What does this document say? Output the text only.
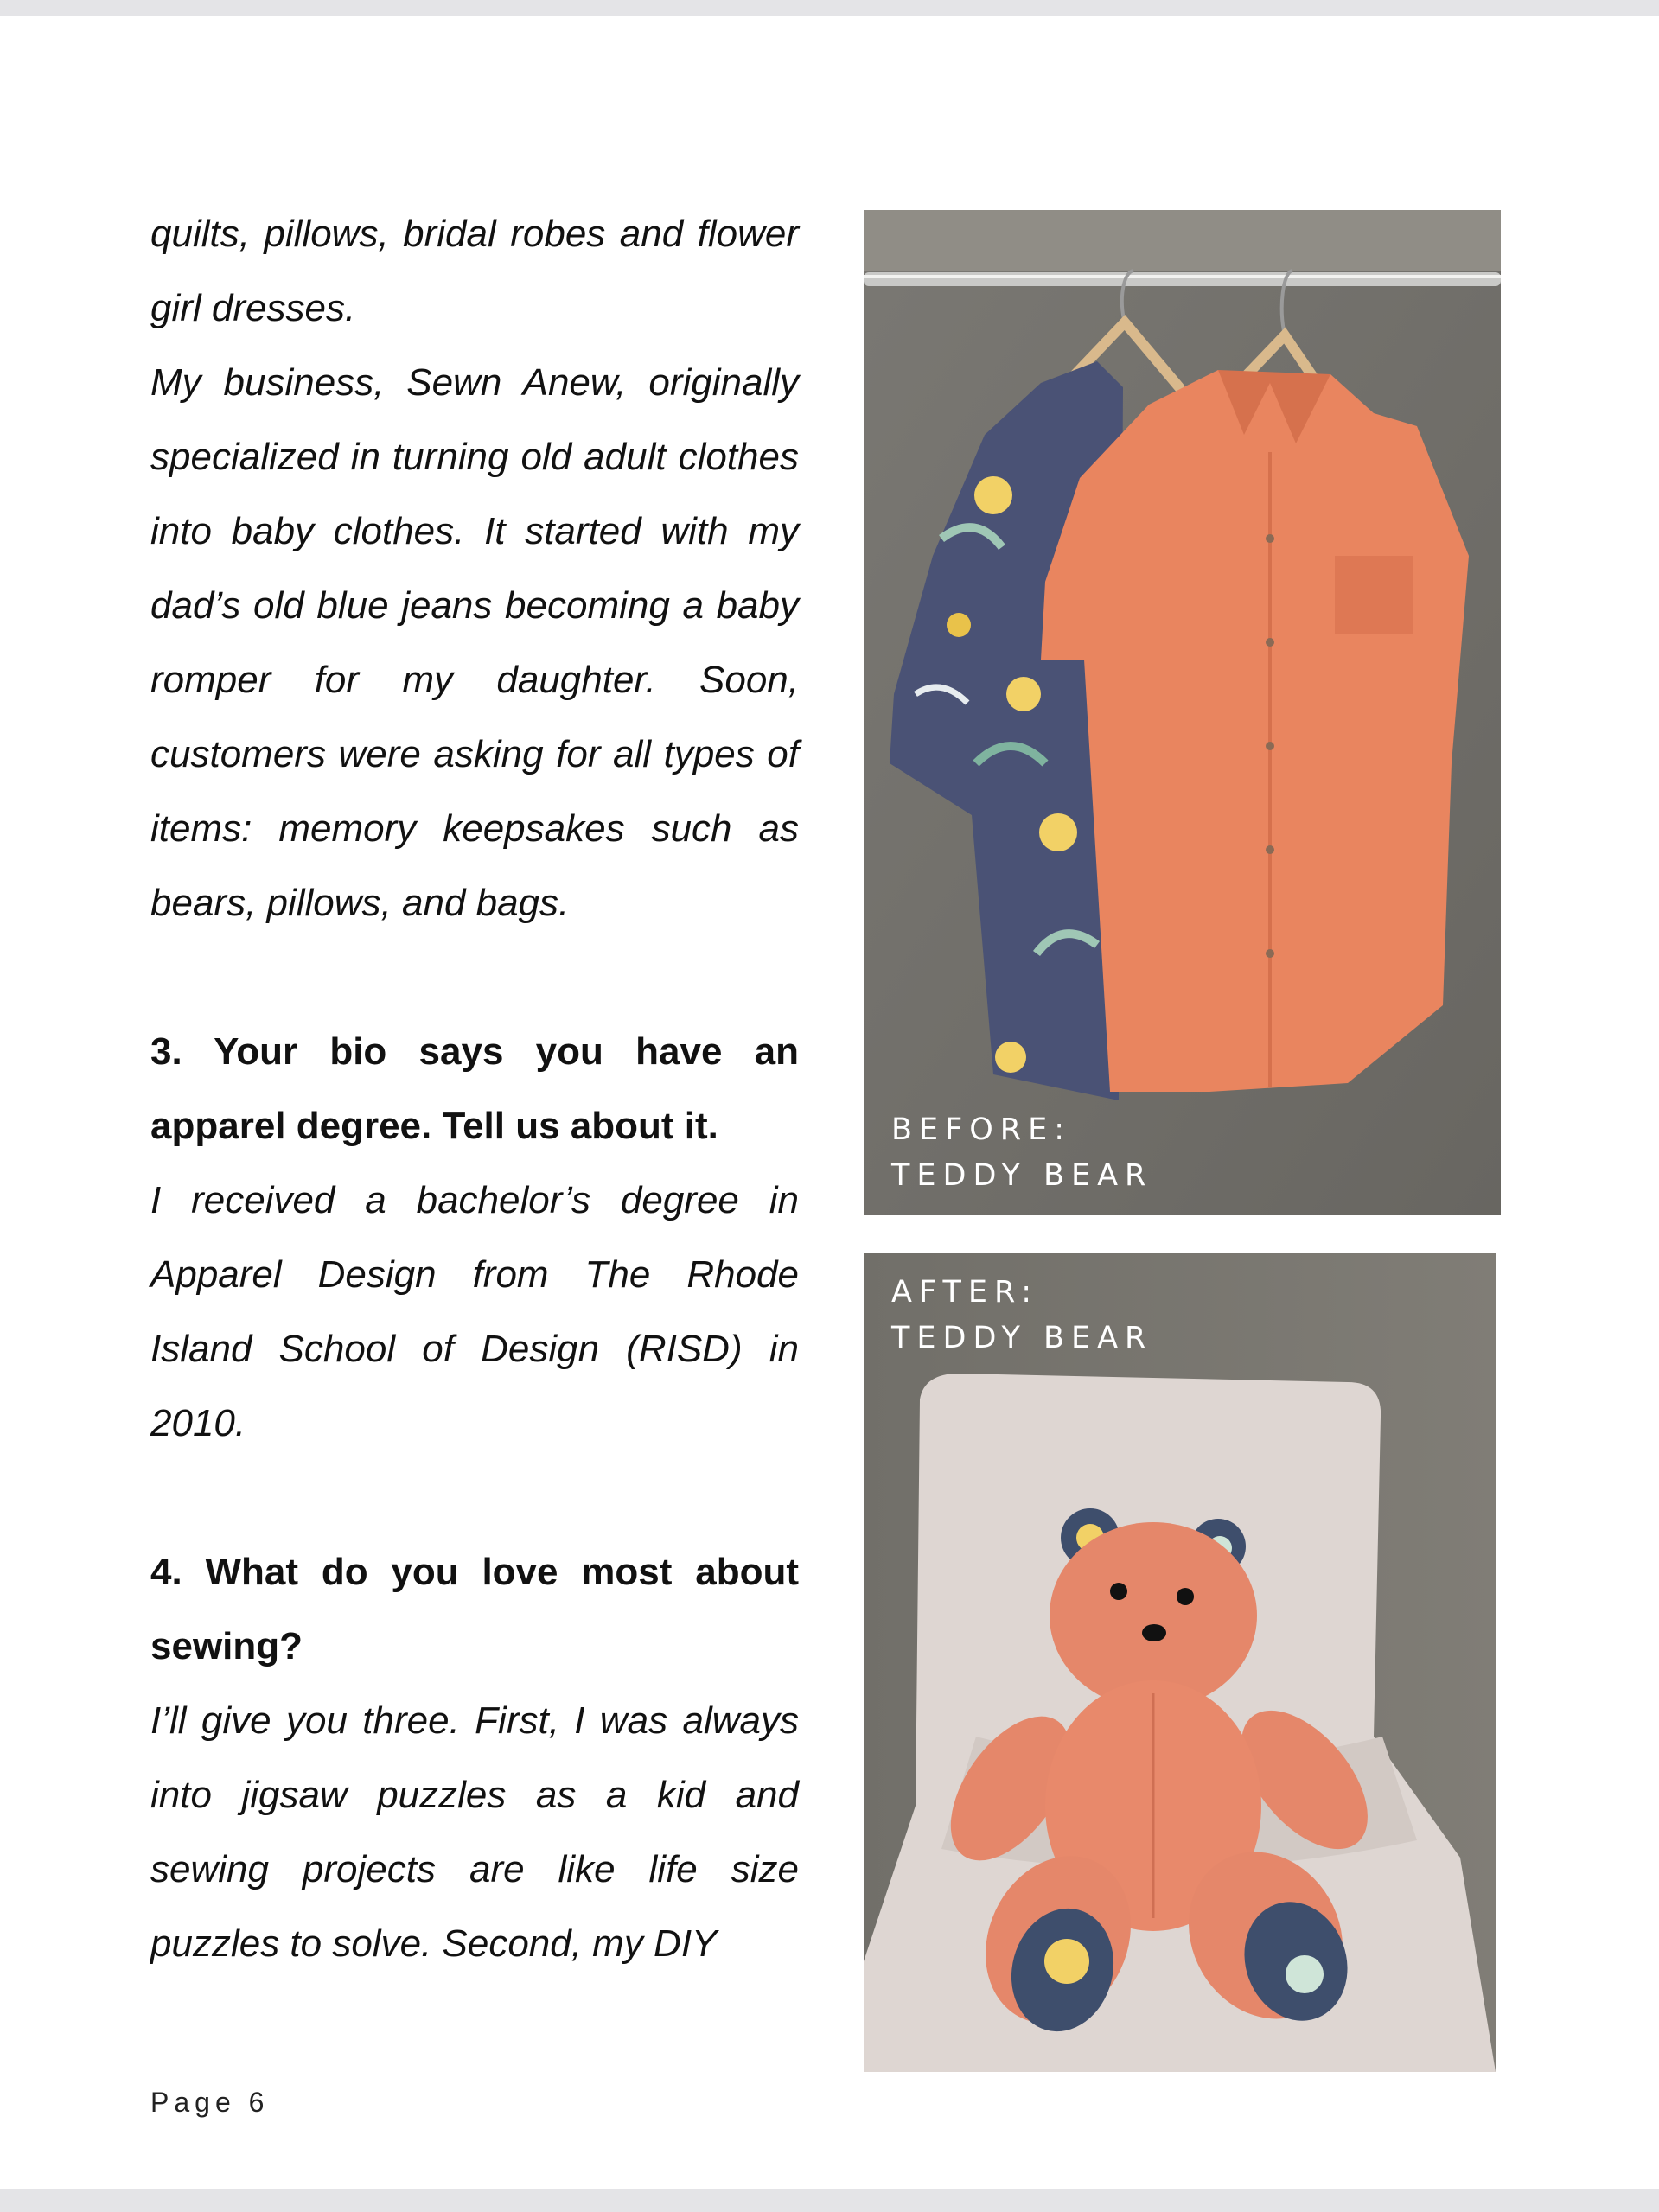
quilts, pillows, bridal robes and flower girl dresses.

My business, Sewn Anew, originally specialized in turning old adult clothes into baby clothes. It started with my dad’s old blue jeans becoming a baby romper for my daughter. Soon, customers were asking for all types of items: memory keepsakes such as bears, pillows, and bags.

3. Your bio says you have an apparel degree. Tell us about it.

I received a bachelor’s degree in Apparel Design from The Rhode Island School of Design (RISD) in 2010.

4. What do you love most about sewing?

I’ll give you three. First, I was always into jigsaw puzzles as a kid and sewing projects are like life size puzzles to solve. Second, my DIY

BEFORE:
TEDDY BEAR
AFTER:
TEDDY BEAR
Page 6
